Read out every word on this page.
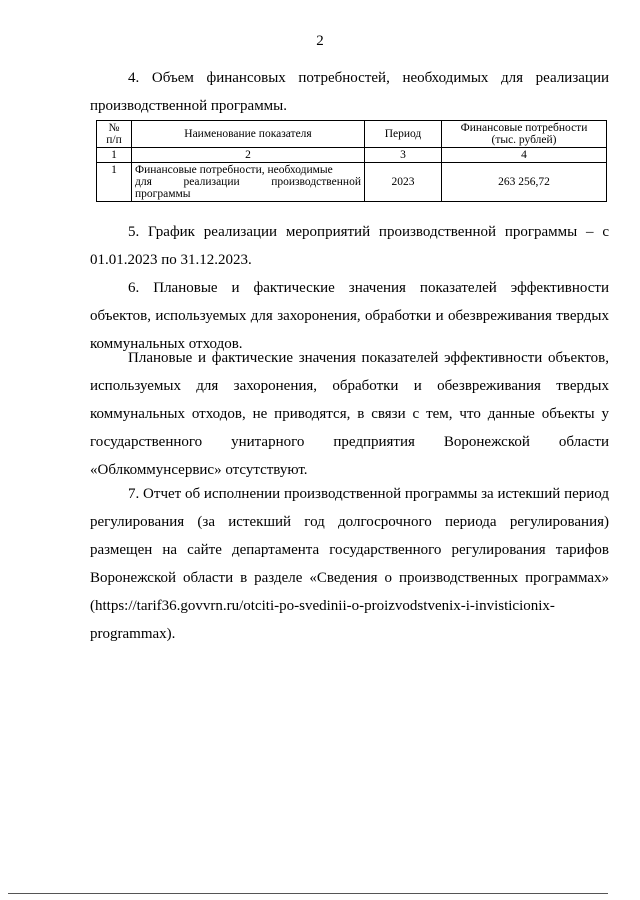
2
4. Объем финансовых потребностей, необходимых для реализации
производственной программы.
№
п/п	Наименование показателя	Период	Финансовые потребности
(тыс. рублей)
1	2	3	4
1	Финансовые потребности, необходимые
для реализации производственной
программы	2023	263 256,72
5. График реализации мероприятий производственной программы – с
01.01.2023 по 31.12.2023.
6. Плановые и фактические значения показателей эффективности
объектов, используемых для захоронения, обработки и обезвреживания твердых
коммунальных отходов.
Плановые и фактические значения показателей эффективности объектов,
используемых для захоронения, обработки и обезвреживания твердых
коммунальных отходов, не приводятся, в связи с тем, что данные объекты у
государственного унитарного предприятия Воронежской области
«Облкоммунсервис» отсутствуют.
7. Отчет об исполнении производственной программы за истекший период
регулирования (за истекший год долгосрочного периода регулирования)
размещен на сайте департамента государственного регулирования тарифов
Воронежской области в разделе «Сведения о производственных программах»
(https://tarif36.govvrn.ru/otciti-po-svedinii-o-proizvodstvenix-i-invisticionix-
programmax).
